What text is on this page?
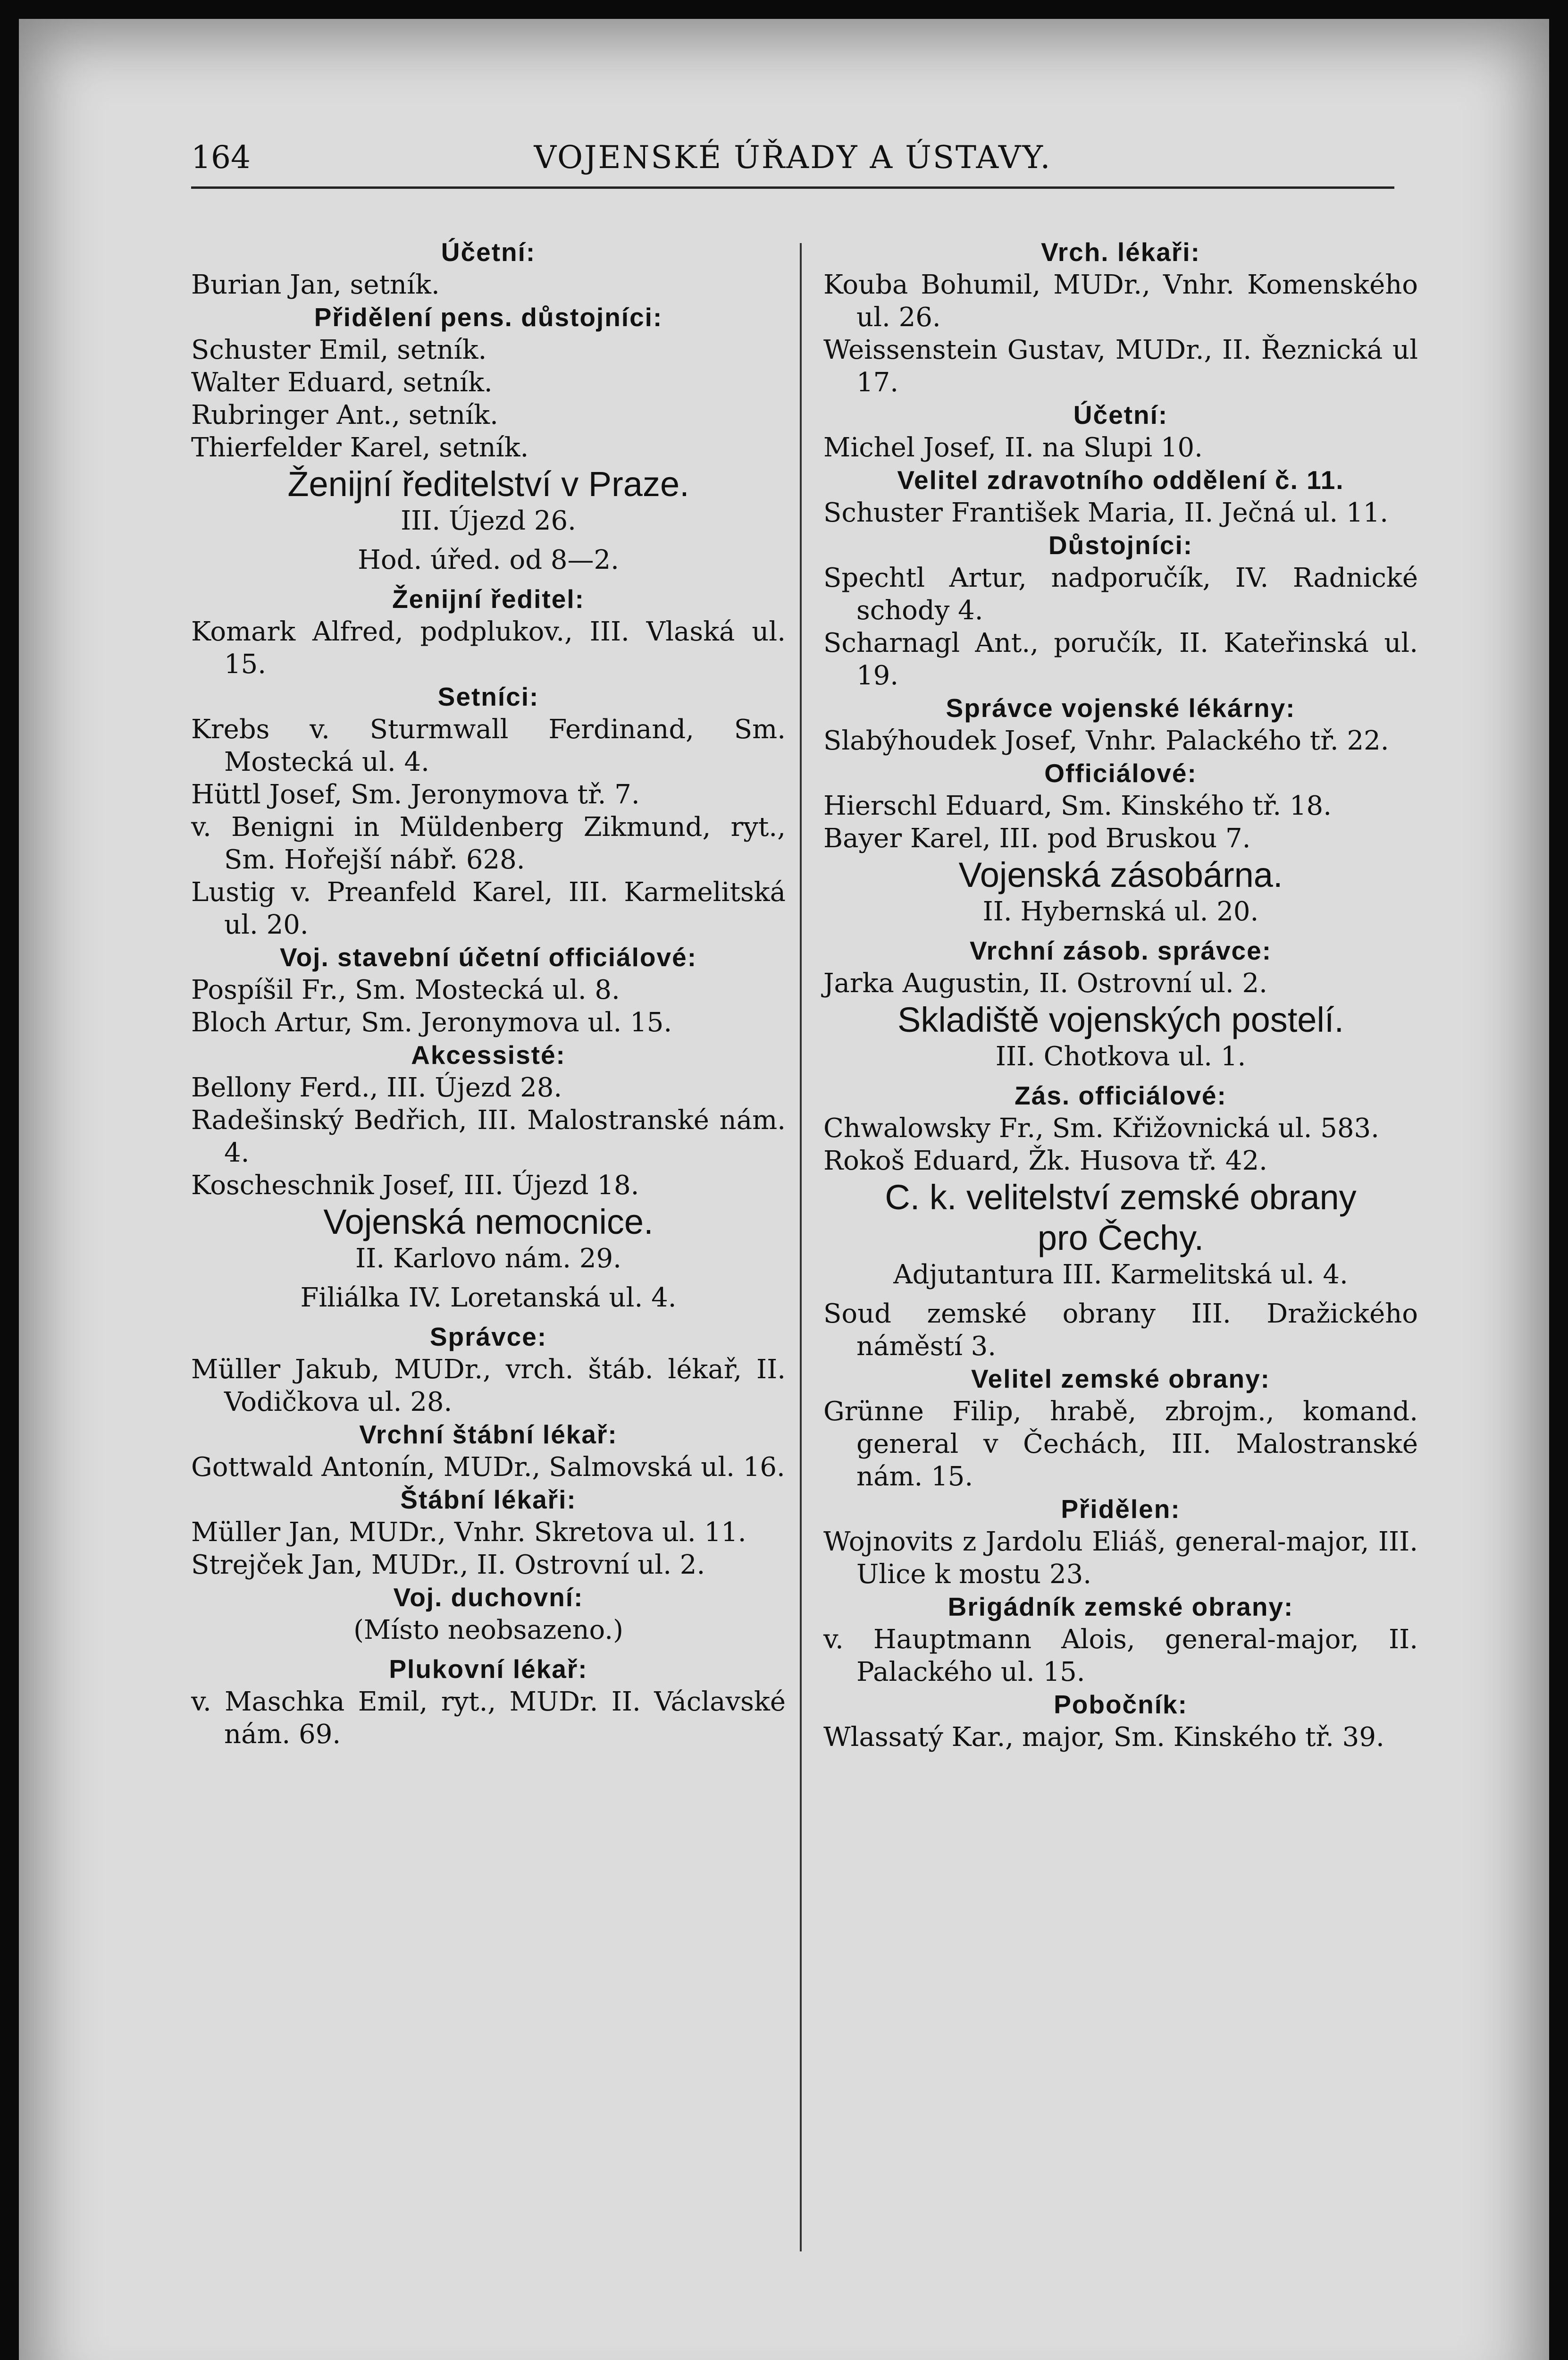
164	VOJENSKÉ ÚŘADY A ÚSTAVY.

Účetní:

Burian Jan, setník.

Přidělení pens. důstojníci:

Schuster Emil, setník.

Walter Eduard, setník.

Rubringer Ant., setník.

Thierfelder Karel, setník.

Ženijní ředitelství v Praze.

III. Újezd 26.

Hod. úřed. od 8—2.

Ženijní ředitel:

Komark Alfred, podplukov., III. Vlaská ul. 15.

Setníci:

Krebs v. Sturmwall Ferdinand, Sm. Mostecká ul. 4.

Hüttl Josef, Sm. Jeronymova tř. 7.

v. Benigni in Müldenberg Zikmund, ryt., Sm. Hořejší nábř. 628.

Lustig v. Preanfeld Karel, III. Karmelitská ul. 20.

Voj. stavební účetní officiálové:

Pospíšil Fr., Sm. Mostecká ul. 8.

Bloch Artur, Sm. Jeronymova ul. 15.

Akcessisté:

Bellony Ferd., III. Újezd 28.

Radešinský Bedřich, III. Malostranské nám. 4.

Koscheschnik Josef, III. Újezd 18.

Vojenská nemocnice.

II. Karlovo nám. 29.

Filiálka IV. Loretanská ul. 4.

Správce:

Müller Jakub, MUDr., vrch. štáb. lékař, II. Vodičkova ul. 28.

Vrchní štábní lékař:

Gottwald Antonín, MUDr., Salmovská ul. 16.

Štábní lékaři:

Müller Jan, MUDr., Vnhr. Skretova ul. 11.

Strejček Jan, MUDr., II. Ostrovní ul. 2.

Voj. duchovní:

(Místo neobsazeno.)

Plukovní lékař:

v. Maschka Emil, ryt., MUDr. II. Václavské nám. 69.

Vrch. lékaři:

Kouba Bohumil, MUDr., Vnhr. Komenského ul. 26.

Weissenstein Gustav, MUDr., II. Řeznická ul 17.

Účetní:

Michel Josef, II. na Slupi 10.

Velitel zdravotního oddělení č. 11.

Schuster František Maria, II. Ječná ul. 11.

Důstojníci:

Spechtl Artur, nadporučík, IV. Radnické schody 4.

Scharnagl Ant., poručík, II. Kateřinská ul. 19.

Správce vojenské lékárny:

Slabýhoudek Josef, Vnhr. Palackého tř. 22.

Officiálové:

Hierschl Eduard, Sm. Kinského tř. 18.

Bayer Karel, III. pod Bruskou 7.

Vojenská zásobárna.

II. Hybernská ul. 20.

Vrchní zásob. správce:

Jarka Augustin, II. Ostrovní ul. 2.

Skladiště vojenských postelí.

III. Chotkova ul. 1.

Zás. officiálové:

Chwalowsky Fr., Sm. Křižovnická ul. 583.

Rokoš Eduard, Žk. Husova tř. 42.

C. k. velitelství zemské obrany

pro Čechy.

Adjutantura III. Karmelitská ul. 4.

Soud zemské obrany III. Dražického náměstí 3.

Velitel zemské obrany:

Grünne Filip, hrabě, zbrojm., komand. general v Čechách, III. Malostranské nám. 15.

Přidělen:

Wojnovits z Jardolu Eliáš, general-major, III. Ulice k mostu 23.

Brigádník zemské obrany:

v. Hauptmann Alois, general-major, II. Palackého ul. 15.

Pobočník:

Wlassatý Kar., major, Sm. Kinského tř. 39.
